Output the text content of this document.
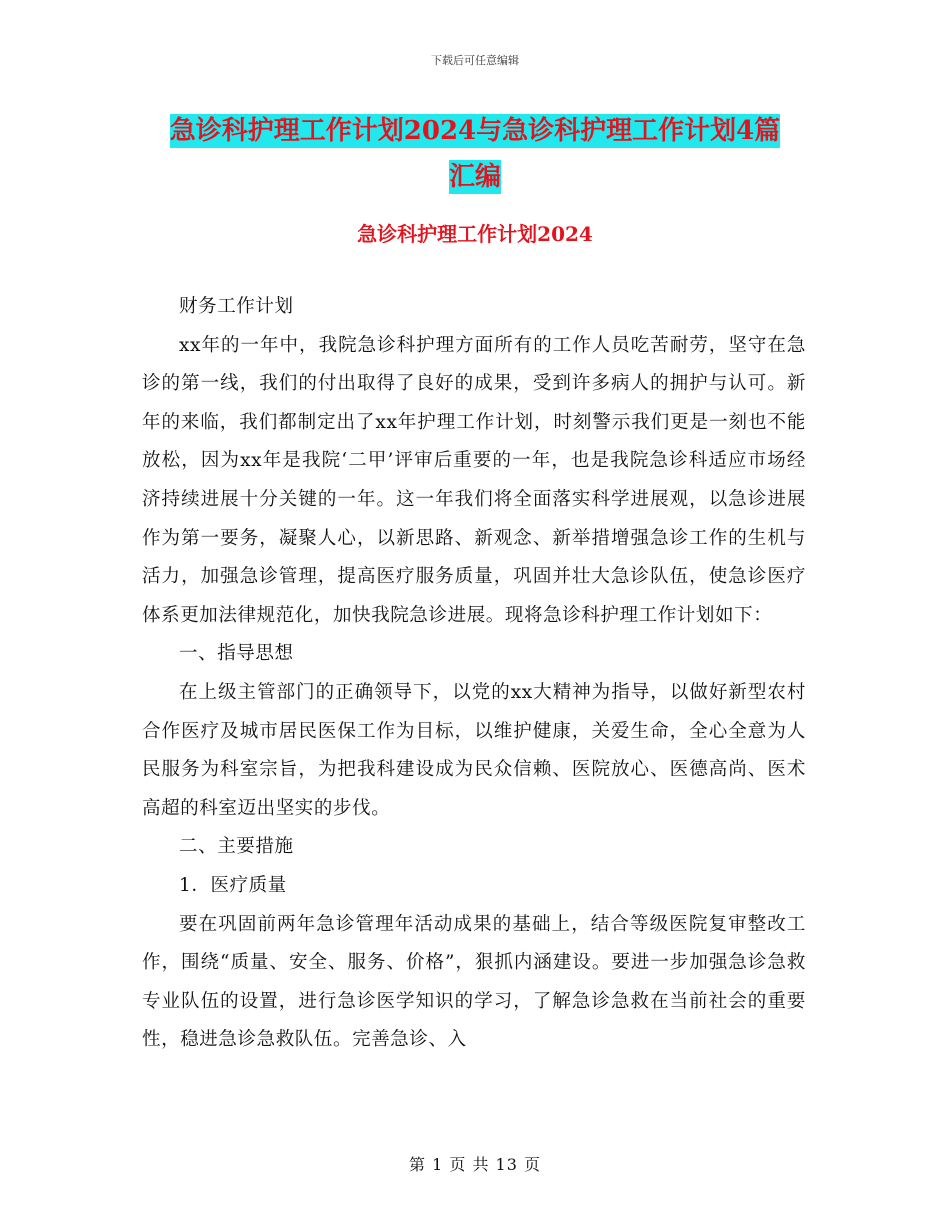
下载后可任意编辑
急诊科护理工作计划2024与急诊科护理工作计划4篇
汇编
急诊科护理工作计划2024

财务工作计划

xx年的一年中，我院急诊科护理方面所有的工作人员吃苦耐劳，坚守在急诊的第一线，我们的付出取得了良好的成果，受到许多病人的拥护与认可。新年的来临，我们都制定出了xx年护理工作计划，时刻警示我们更是一刻也不能放松，因为xx年是我院‘二甲’评审后重要的一年，也是我院急诊科适应市场经济持续进展十分关键的一年。这一年我们将全面落实科学进展观，以急诊进展作为第一要务，凝聚人心，以新思路、新观念、新举措增强急诊工作的生机与活力，加强急诊管理，提高医疗服务质量，巩固并壮大急诊队伍，使急诊医疗体系更加法律规范化，加快我院急诊进展。现将急诊科护理工作计划如下：

一、指导思想

在上级主管部门的正确领导下，以党的xx大精神为指导，以做好新型农村合作医疗及城市居民医保工作为目标，以维护健康，关爱生命，全心全意为人民服务为科室宗旨，为把我科建设成为民众信赖、医院放心、医德高尚、医术高超的科室迈出坚实的步伐。

二、主要措施

1．医疗质量

要在巩固前两年急诊管理年活动成果的基础上，结合等级医院复审整改工作，围绕“质量、安全、服务、价格”，狠抓内涵建设。要进一步加强急诊急救专业队伍的设置，进行急诊医学知识的学习，了解急诊急救在当前社会的重要性，稳进急诊急救队伍。完善急诊、入

第 1 页 共 13 页
